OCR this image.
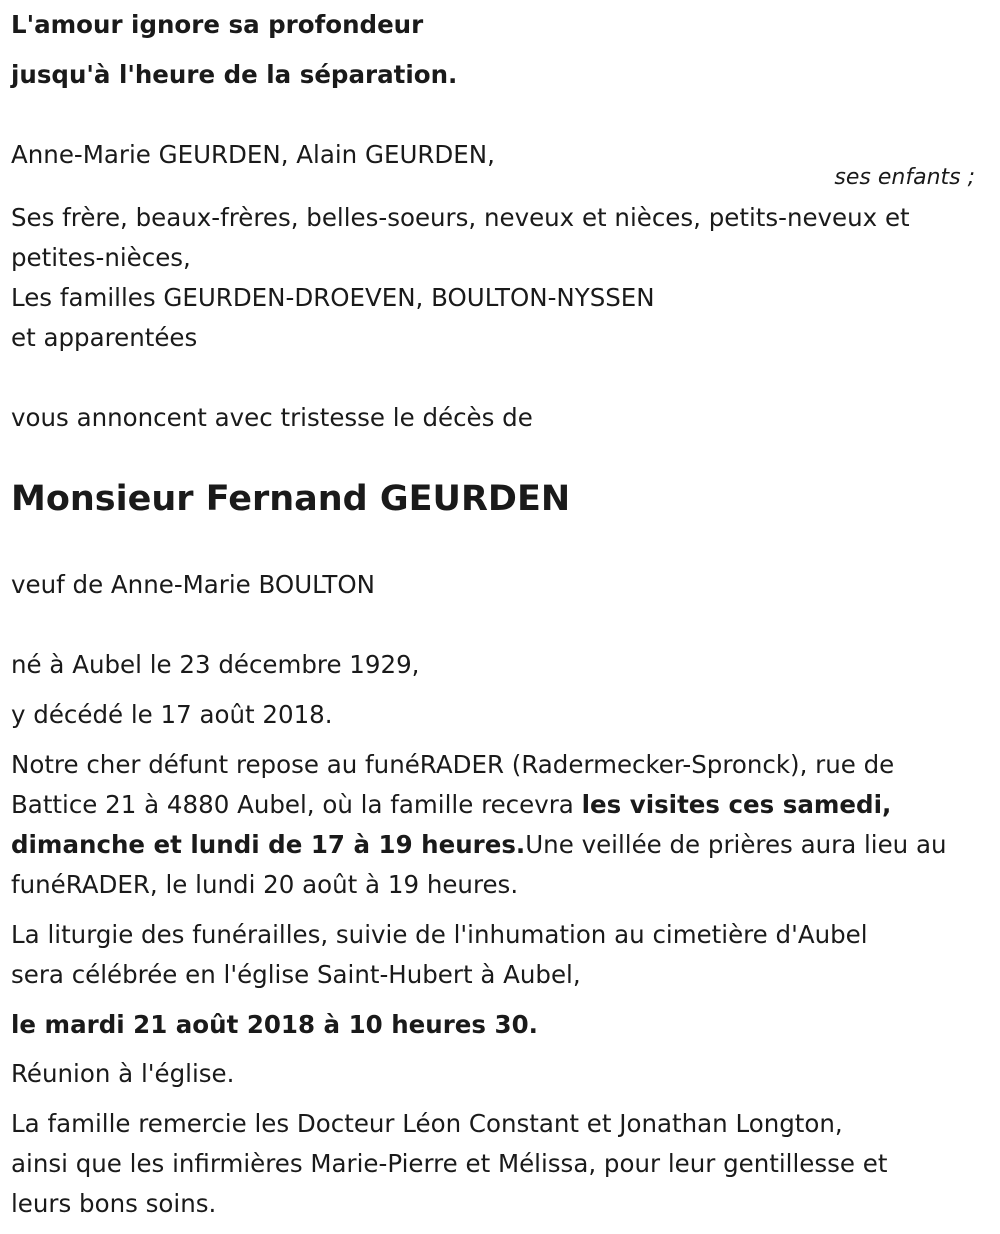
L'amour ignore sa profondeur
jusqu'à l'heure de la séparation.
Anne-Marie GEURDEN, Alain GEURDEN,
ses enfants ;
Ses frère, beaux-frères, belles-soeurs, neveux et nièces, petits-neveux et
petites-nièces,
Les familles GEURDEN-DROEVEN, BOULTON-NYSSEN
et apparentées
vous annoncent avec tristesse le décès de
Monsieur Fernand GEURDEN
veuf de Anne-Marie BOULTON
né à Aubel le 23 décembre 1929,
y décédé le 17 août 2018.
Notre cher défunt repose au funéRADER (Radermecker-Spronck), rue de
Battice 21 à 4880 Aubel, où la famille recevra les visites ces samedi,
dimanche et lundi de 17 à 19 heures.Une veillée de prières aura lieu au
funéRADER, le lundi 20 août à 19 heures.
La liturgie des funérailles, suivie de l'inhumation au cimetière d'Aubel
sera célébrée en l'église Saint-Hubert à Aubel,
le mardi 21 août 2018 à 10 heures 30.
Réunion à l'église.
La famille remercie les Docteur Léon Constant et Jonathan Longton,
ainsi que les infirmières Marie-Pierre et Mélissa, pour leur gentillesse et
leurs bons soins.
